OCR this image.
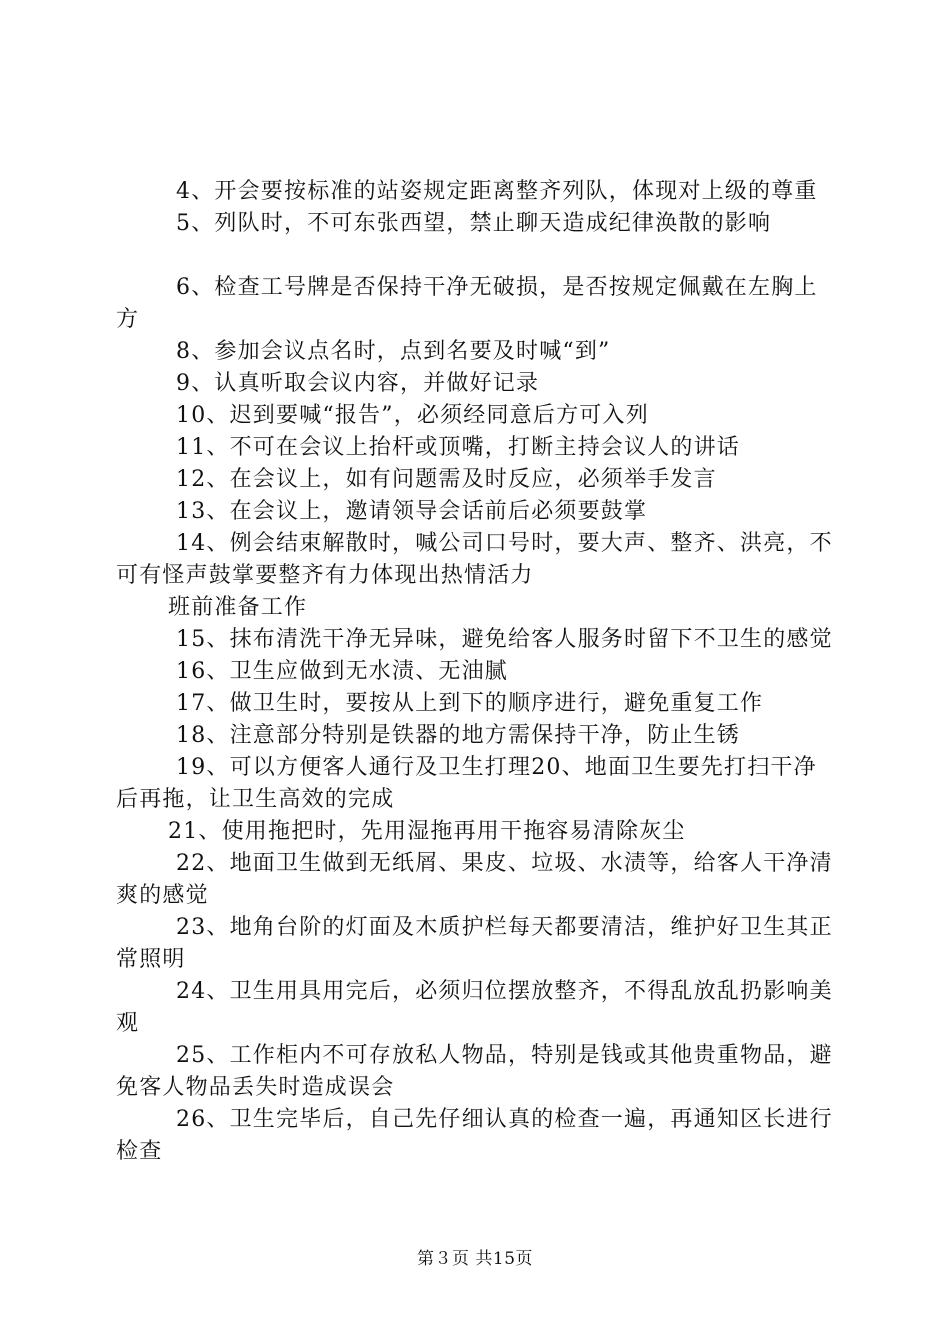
4、开会要按标准的站姿规定距离整齐列队，体现对上级的尊重

5、列队时，不可东张西望，禁止聊天造成纪律涣散的影响

6、检查工号牌是否保持干净无破损，是否按规定佩戴在左胸上方

8、参加会议点名时，点到名要及时喊“到”

9、认真听取会议内容，并做好记录

10、迟到要喊“报告”，必须经同意后方可入列

11、不可在会议上抬杆或顶嘴，打断主持会议人的讲话

12、在会议上，如有问题需及时反应，必须举手发言

13、在会议上，邀请领导会话前后必须要鼓掌

14、例会结束解散时，喊公司口号时，要大声、整齐、洪亮，不可有怪声鼓掌要整齐有力体现出热情活力

班前准备工作

15、抹布清洗干净无异味，避免给客人服务时留下不卫生的感觉

16、卫生应做到无水渍、无油腻

17、做卫生时，要按从上到下的顺序进行，避免重复工作

18、注意部分特别是铁器的地方需保持干净，防止生锈

19、可以方便客人通行及卫生打理20、地面卫生要先打扫干净后再拖，让卫生高效的完成

21、使用拖把时，先用湿拖再用干拖容易清除灰尘

22、地面卫生做到无纸屑、果皮、垃圾、水渍等，给客人干净清爽的感觉

23、地角台阶的灯面及木质护栏每天都要清洁，维护好卫生其正常照明

24、卫生用具用完后，必须归位摆放整齐，不得乱放乱扔影响美观

25、工作柜内不可存放私人物品，特别是钱或其他贵重物品，避免客人物品丢失时造成误会

26、卫生完毕后，自己先仔细认真的检查一遍，再通知区长进行检查

第３页 共15页
